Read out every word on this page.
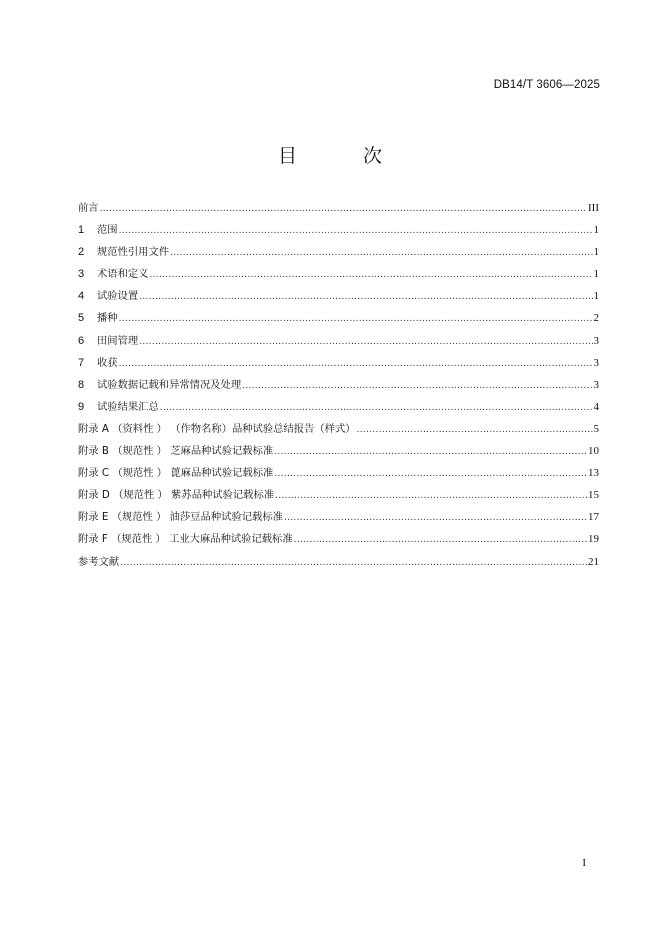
DB14/T 3606—2025
目 次
前言 .....	III
1	范围 .....	1
2	规范性引用文件 .....	1
3	术语和定义 .....	1
4	试验设置 .....	1
5	播种 .....	2
6	田间管理 .....	3
7	收获 .....	3
8	试验数据记载和异常情况及处理 .....	3
9	试验结果汇总 .....	4
附录 A （资料性 ） （作物名称）品种试验总结报告（样式） .....	5
附录 B （规范性 ） 芝麻品种试验记载标准 .....	10
附录 C （规范性 ） 蓖麻品种试验记载标准 .....	13
附录 D （规范性 ） 紫苏品种试验记载标准 .....	15
附录 E （规范性 ） 油莎豆品种试验记载标准 .....	17
附录 F （规范性 ） 工业大麻品种试验记载标准 .....	19
参考文献 .....	21
I
